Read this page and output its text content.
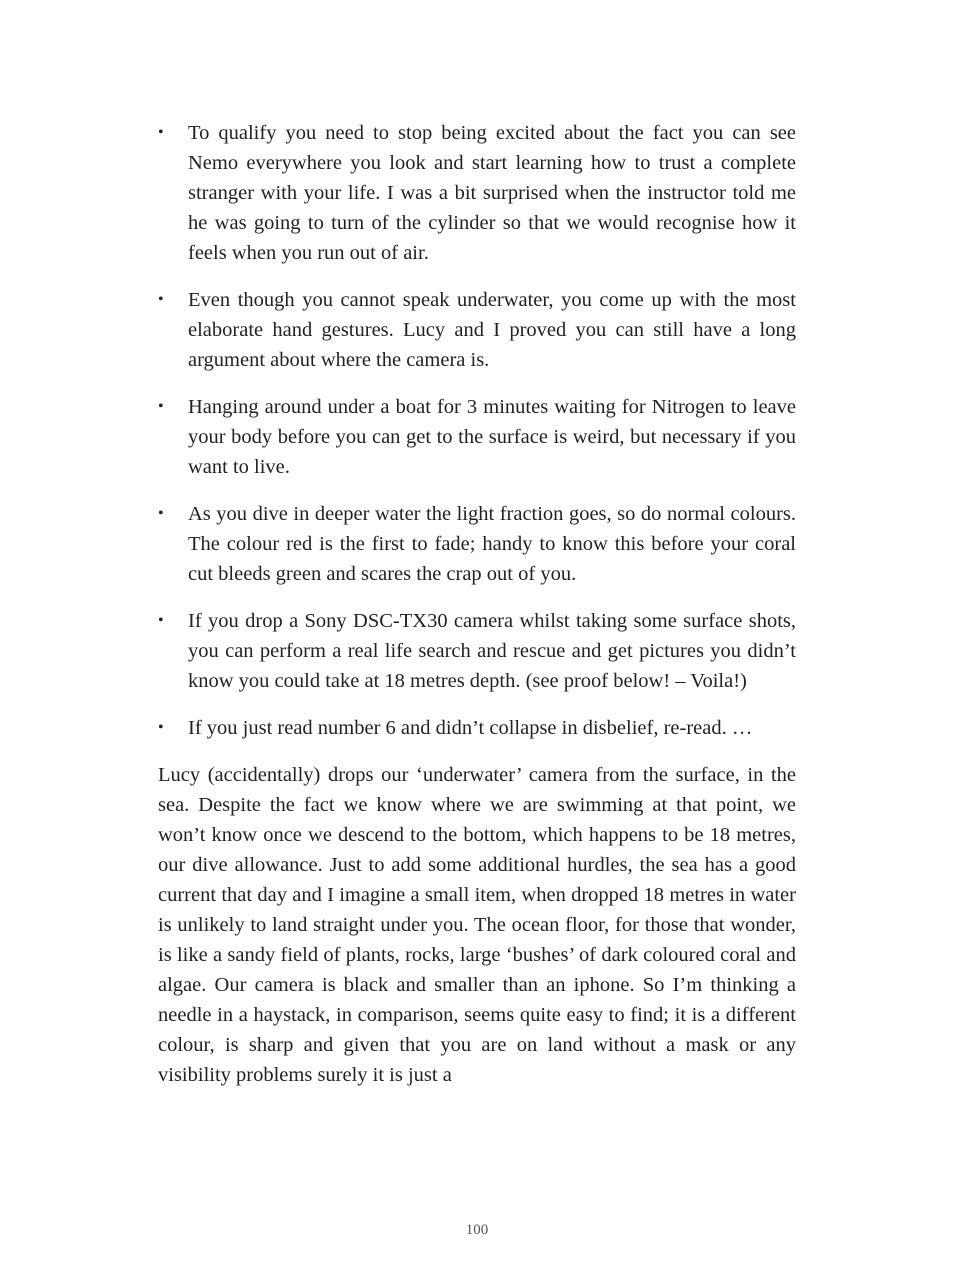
• To qualify you need to stop being excited about the fact you can see Nemo everywhere you look and start learning how to trust a complete stranger with your life. I was a bit surprised when the instructor told me he was going to turn of the cylinder so that we would recognise how it feels when you run out of air.

• Even though you cannot speak underwater, you come up with the most elaborate hand gestures. Lucy and I proved you can still have a long argument about where the camera is.

• Hanging around under a boat for 3 minutes waiting for Nitrogen to leave your body before you can get to the surface is weird, but necessary if you want to live.

• As you dive in deeper water the light fraction goes, so do normal colours. The colour red is the first to fade; handy to know this before your coral cut bleeds green and scares the crap out of you.

• If you drop a Sony DSC-TX30 camera whilst taking some surface shots, you can perform a real life search and rescue and get pictures you didn’t know you could take at 18 metres depth. (see proof below! – Voila!)

• If you just read number 6 and didn’t collapse in disbelief, re-read. …

Lucy (accidentally) drops our ‘underwater’ camera from the surface, in the sea. Despite the fact we know where we are swimming at that point, we won’t know once we descend to the bottom, which happens to be 18 metres, our dive allowance. Just to add some additional hurdles, the sea has a good current that day and I imagine a small item, when dropped 18 metres in water is unlikely to land straight under you. The ocean floor, for those that wonder, is like a sandy field of plants, rocks, large ‘bushes’ of dark coloured coral and algae. Our camera is black and smaller than an iphone. So I’m thinking a needle in a haystack, in comparison, seems quite easy to find; it is a different colour, is sharp and given that you are on land without a mask or any visibility problems surely it is just a

100
